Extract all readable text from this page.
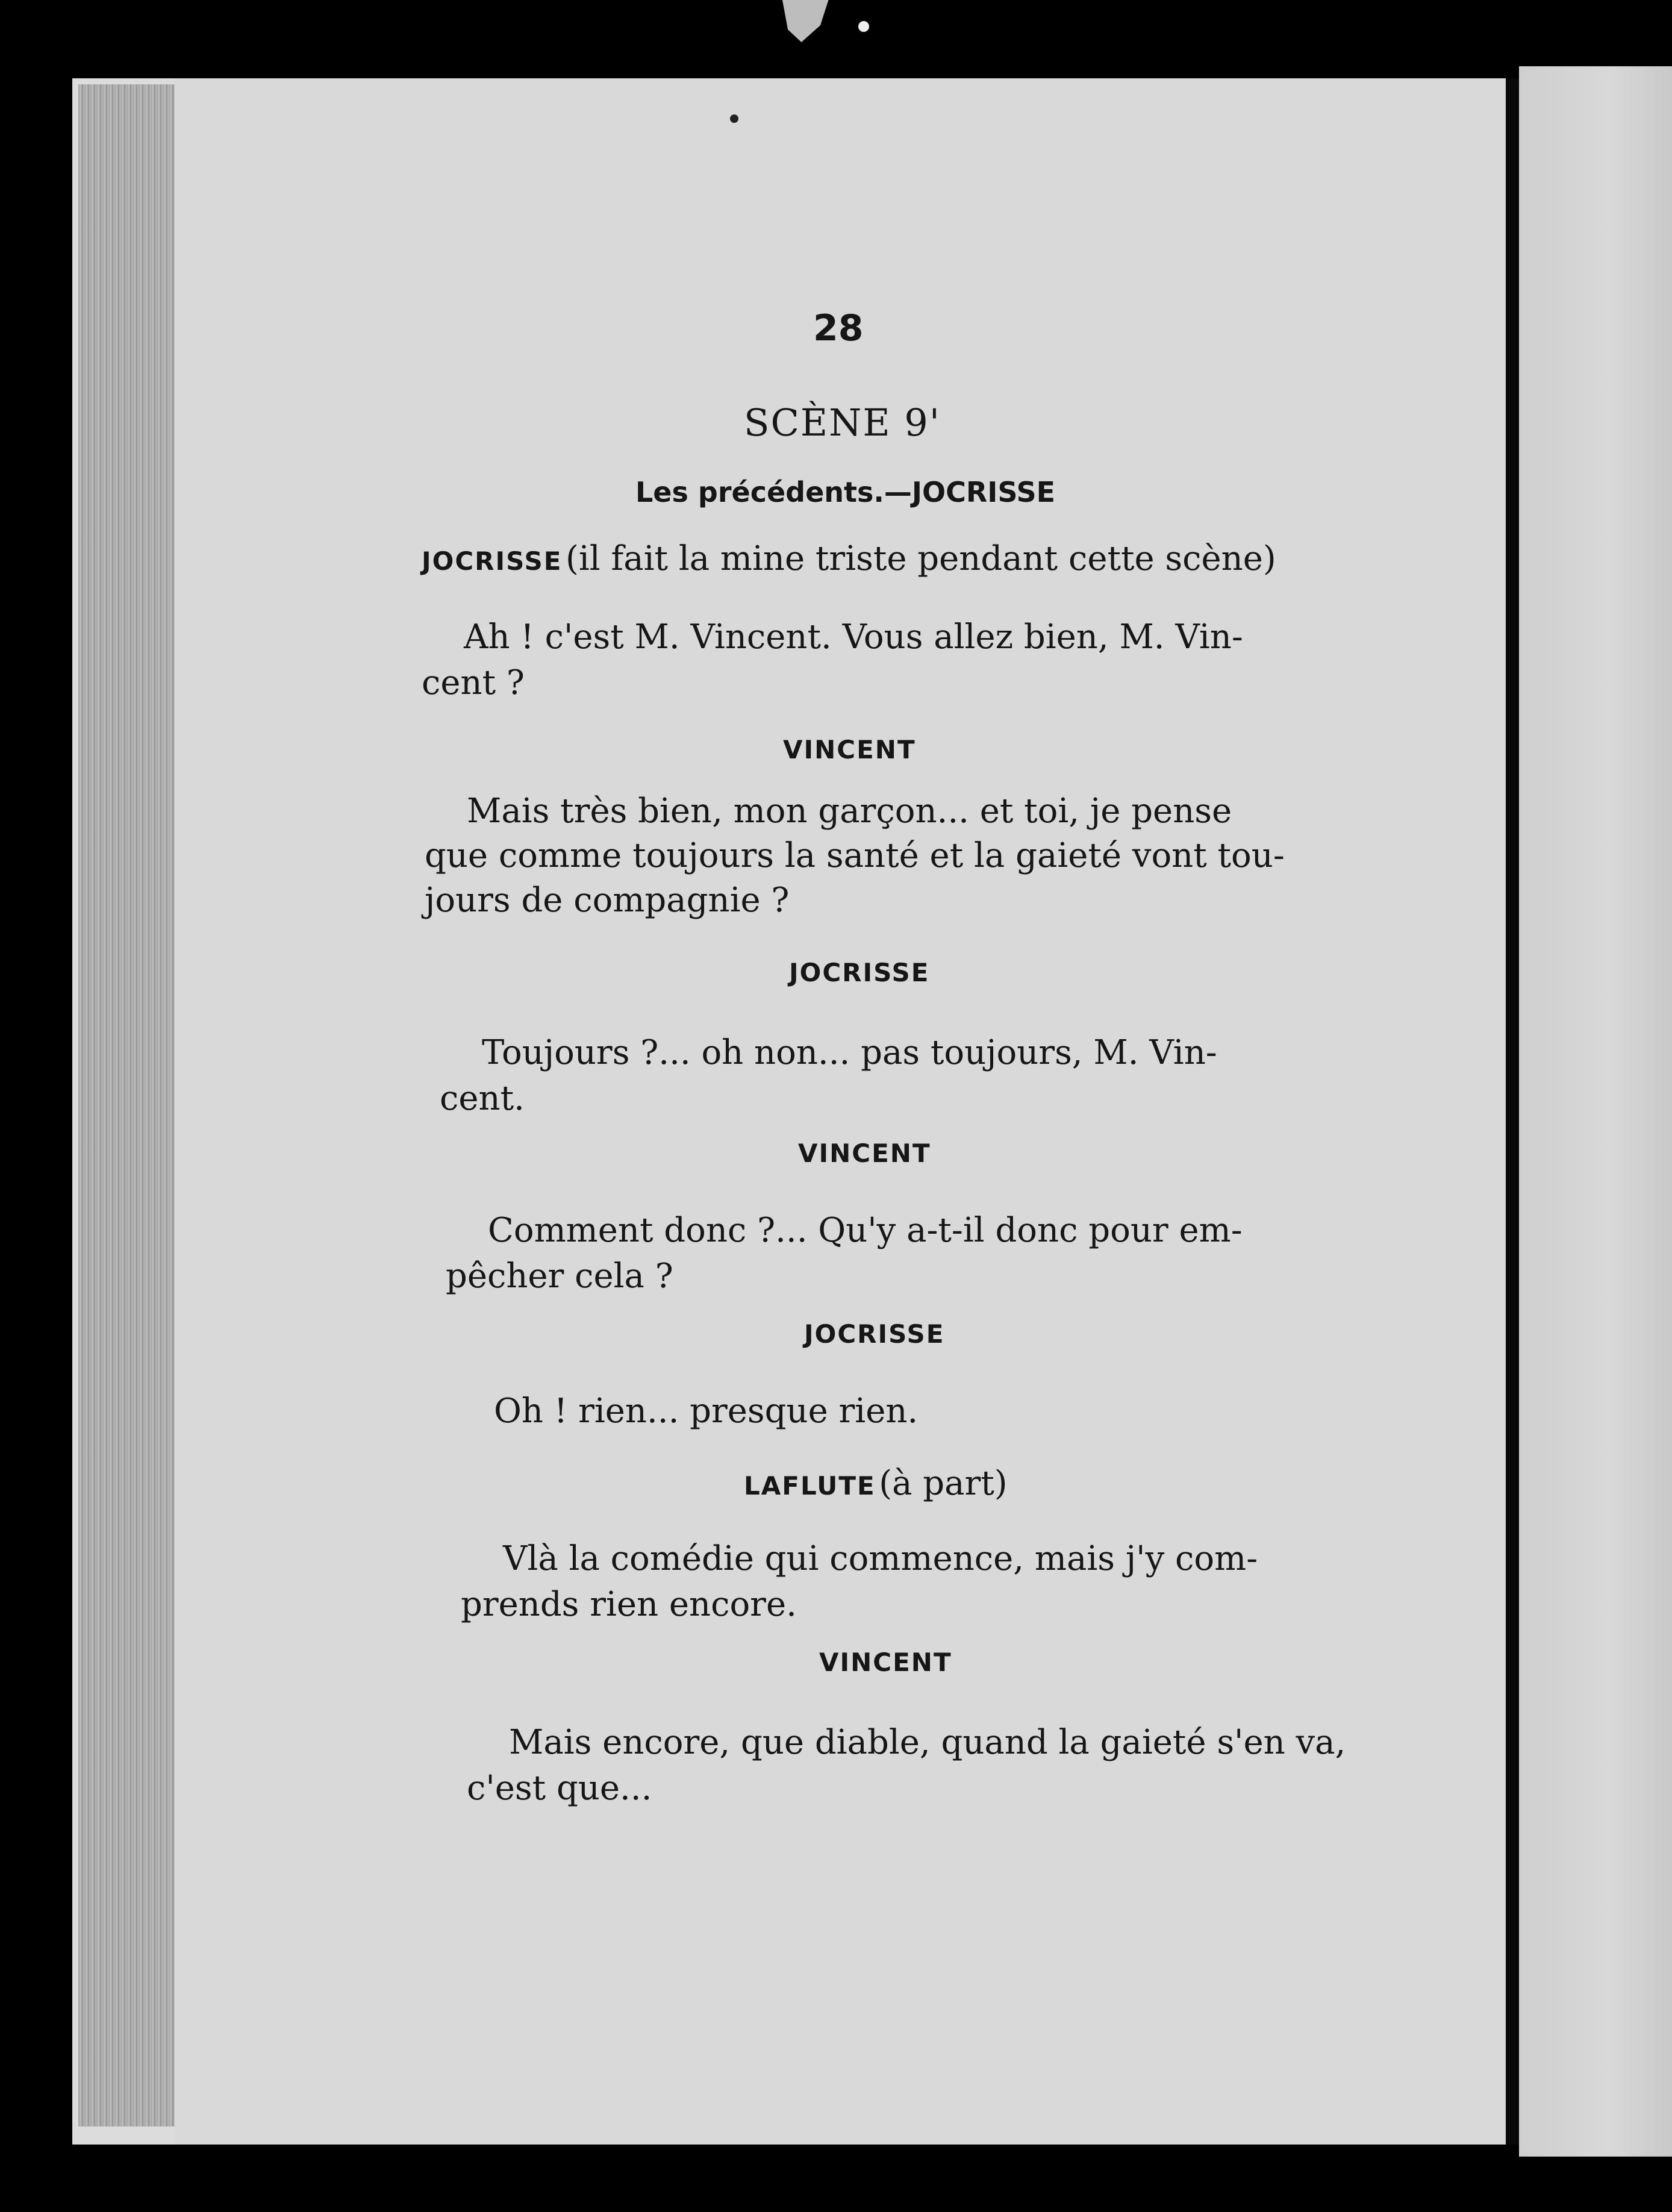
28
SCÈNE 9'
Les précédents.—JOCRISSE
JOCRISSE (il fait la mine triste pendant cette scène)
Ah ! c'est M. Vincent. Vous allez bien, M. Vin-
cent ?
VINCENT
Mais très bien, mon garçon... et toi, je pense
que comme toujours la santé et la gaieté vont tou-
jours de compagnie ?
JOCRISSE
Toujours ?... oh non... pas toujours, M. Vin-
cent.
VINCENT
Comment donc ?... Qu'y a-t-il donc pour em-
pêcher cela ?
JOCRISSE
Oh ! rien... presque rien.
LAFLUTE (à part)
Vlà la comédie qui commence, mais j'y com-
prends rien encore.
VINCENT
Mais encore, que diable, quand la gaieté s'en va,
c'est que...
